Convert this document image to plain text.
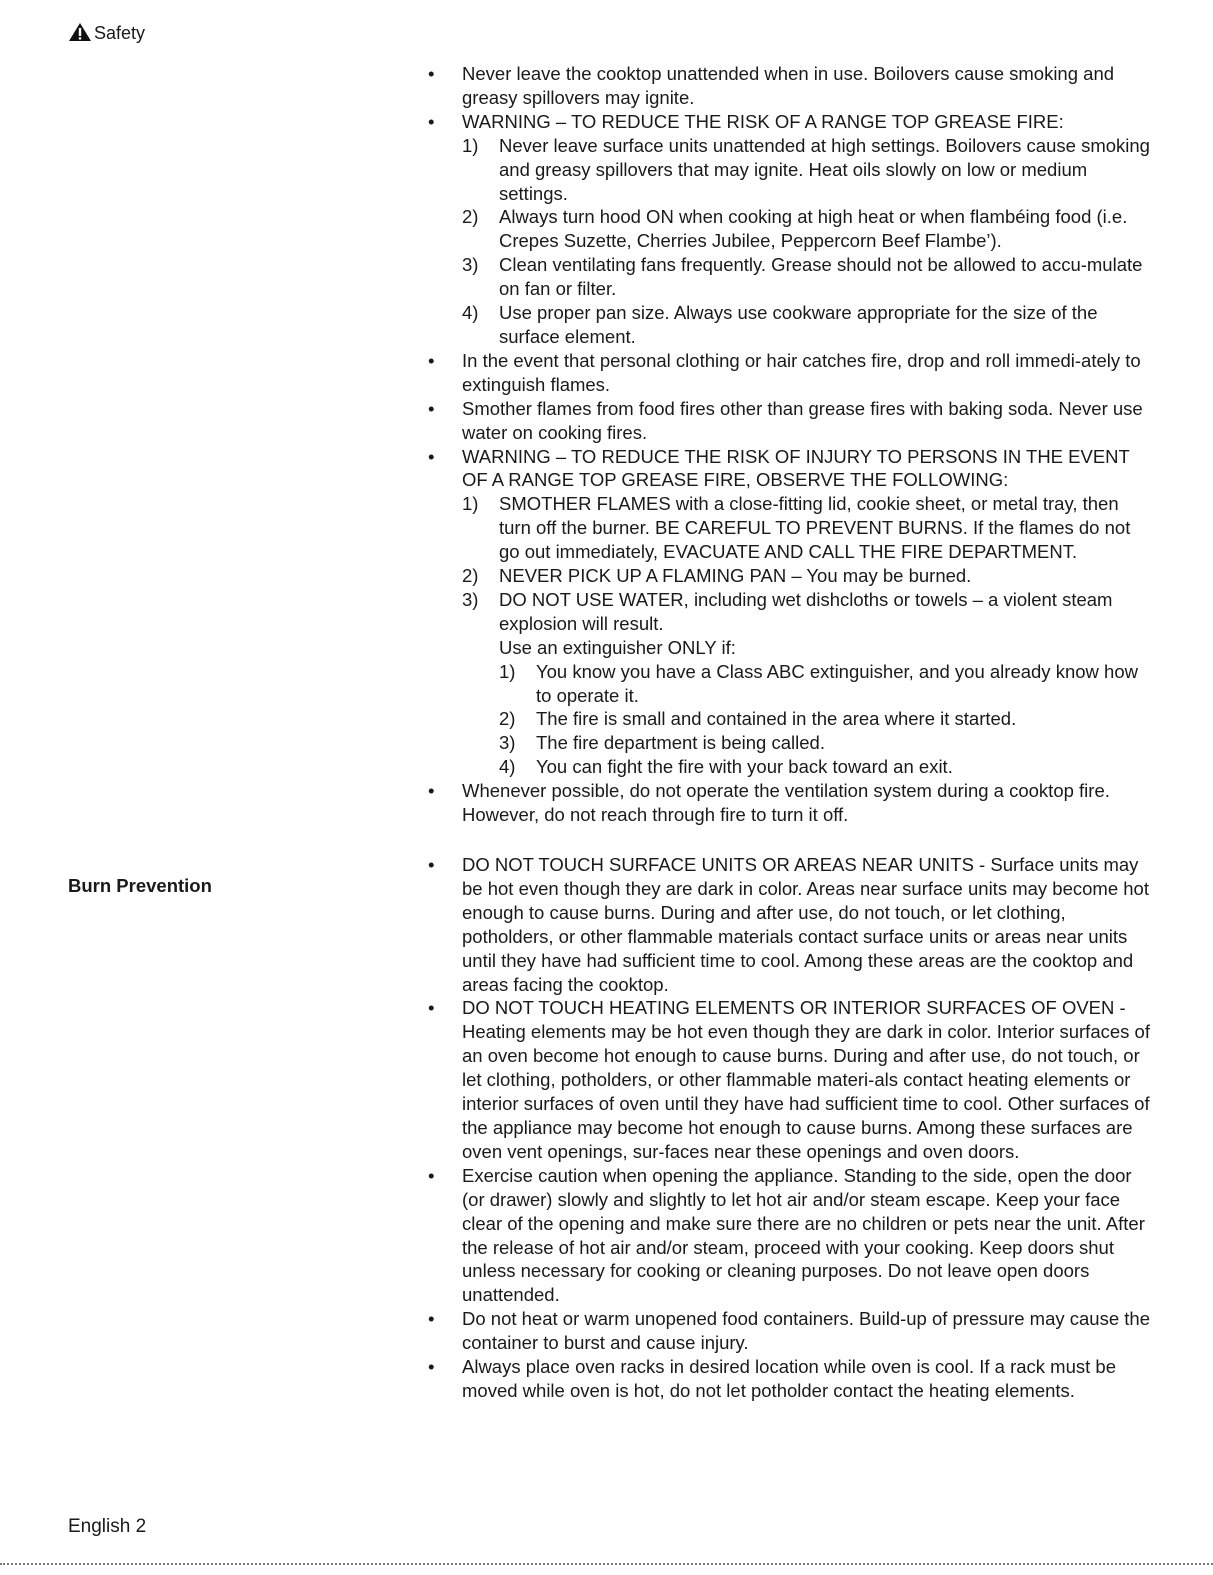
Safety
Burn Prevention
•	Never leave the cooktop unattended when in use. Boilovers cause smoking and greasy spillovers may ignite.
•	WARNING – TO REDUCE THE RISK OF A RANGE TOP GREASE FIRE:
1)	Never leave surface units unattended at high settings. Boilovers cause smoking and greasy spillovers that may ignite. Heat oils slowly on low or medium settings.
2)	Always turn hood ON when cooking at high heat or when flambéing food (i.e. Crepes Suzette, Cherries Jubilee, Peppercorn Beef Flambe’).
3)	Clean ventilating fans frequently. Grease should not be allowed to accu-mulate on fan or filter.
4)	Use proper pan size. Always use cookware appropriate for the size of the surface element.
•	In the event that personal clothing or hair catches fire, drop and roll immedi-ately to extinguish flames.
•	Smother flames from food fires other than grease fires with baking soda. Never use water on cooking fires.
•	WARNING – TO REDUCE THE RISK OF INJURY TO PERSONS IN THE EVENT OF A RANGE TOP GREASE FIRE, OBSERVE THE FOLLOWING:
1)	SMOTHER FLAMES with a close-fitting lid, cookie sheet, or metal tray, then turn off the burner. BE CAREFUL TO PREVENT BURNS. If the flames do not go out immediately, EVACUATE AND CALL THE FIRE DEPARTMENT.
2)	NEVER PICK UP A FLAMING PAN – You may be burned.
3)	DO NOT USE WATER, including wet dishcloths or towels – a violent steam explosion will result.
Use an extinguisher ONLY if:
1)	You know you have a Class ABC extinguisher, and you already know how to operate it.
2)	The fire is small and contained in the area where it started.
3)	The fire department is being called.
4)	You can fight the fire with your back toward an exit.
•	Whenever possible, do not operate the ventilation system during a cooktop fire. However, do not reach through fire to turn it off.
•	DO NOT TOUCH SURFACE UNITS OR AREAS NEAR UNITS - Surface units may be hot even though they are dark in color. Areas near surface units may become hot enough to cause burns. During and after use, do not touch, or let clothing, potholders, or other flammable materials contact surface units or areas near units until they have had sufficient time to cool. Among these areas are the cooktop and areas facing the cooktop.
•	DO NOT TOUCH HEATING ELEMENTS OR INTERIOR SURFACES OF OVEN - Heating elements may be hot even though they are dark in color. Interior surfaces of an oven become hot enough to cause burns. During and after use, do not touch, or let clothing, potholders, or other flammable materi-als contact heating elements or interior surfaces of oven until they have had sufficient time to cool. Other surfaces of the appliance may become hot enough to cause burns. Among these surfaces are oven vent openings, sur-faces near these openings and oven doors.
•	Exercise caution when opening the appliance. Standing to the side, open the door (or drawer) slowly and slightly to let hot air and/or steam escape. Keep your face clear of the opening and make sure there are no children or pets near the unit. After the release of hot air and/or steam, proceed with your cooking. Keep doors shut unless necessary for cooking or cleaning purposes. Do not leave open doors unattended.
•	Do not heat or warm unopened food containers. Build-up of pressure may cause the container to burst and cause injury.
•	Always place oven racks in desired location while oven is cool. If a rack must be moved while oven is hot, do not let potholder contact the heating elements.
English 2
